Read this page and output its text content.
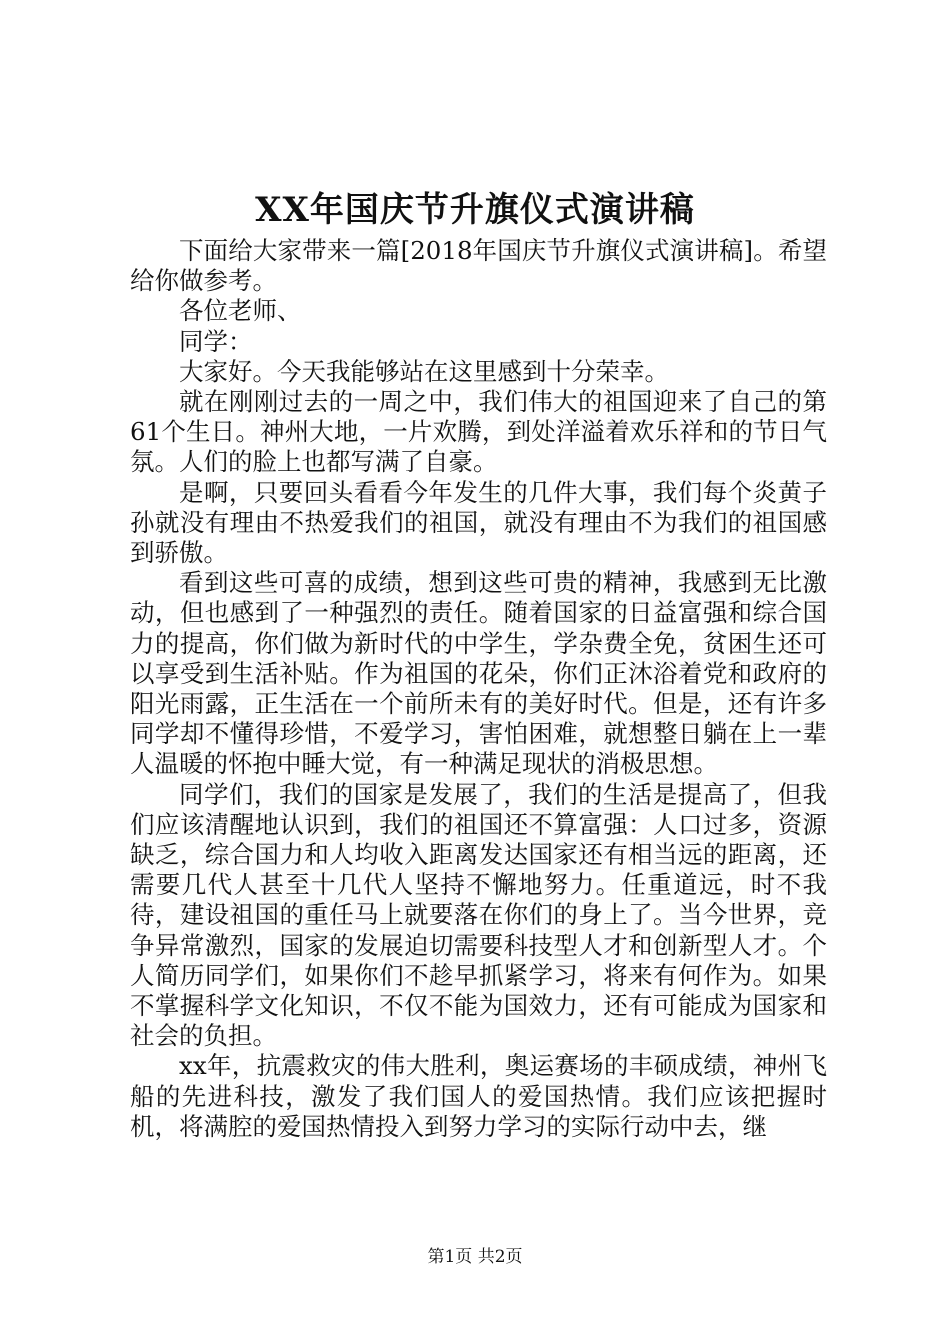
XX年国庆节升旗仪式演讲稿

下面给大家带来一篇[2018年国庆节升旗仪式演讲稿]。希望给你做参考。

各位老师、

同学：

大家好。今天我能够站在这里感到十分荣幸。

就在刚刚过去的一周之中，我们伟大的祖国迎来了自己的第61个生日。神州大地，一片欢腾，到处洋溢着欢乐祥和的节日气氛。人们的脸上也都写满了自豪。

是啊，只要回头看看今年发生的几件大事，我们每个炎黄子孙就没有理由不热爱我们的祖国，就没有理由不为我们的祖国感到骄傲。

看到这些可喜的成绩，想到这些可贵的精神，我感到无比激动，但也感到了一种强烈的责任。随着国家的日益富强和综合国力的提高，你们做为新时代的中学生，学杂费全免，贫困生还可以享受到生活补贴。作为祖国的花朵，你们正沐浴着党和政府的阳光雨露，正生活在一个前所未有的美好时代。但是，还有许多同学却不懂得珍惜，不爱学习，害怕困难，就想整日躺在上一辈人温暖的怀抱中睡大觉，有一种满足现状的消极思想。

同学们，我们的国家是发展了，我们的生活是提高了，但我们应该清醒地认识到，我们的祖国还不算富强：人口过多，资源缺乏，综合国力和人均收入距离发达国家还有相当远的距离，还需要几代人甚至十几代人坚持不懈地努力。任重道远，时不我待，建设祖国的重任马上就要落在你们的身上了。当今世界，竞争异常激烈，国家的发展迫切需要科技型人才和创新型人才。个人简历同学们，如果你们不趁早抓紧学习，将来有何作为。如果不掌握科学文化知识，不仅不能为国效力，还有可能成为国家和社会的负担。

xx年，抗震救灾的伟大胜利，奥运赛场的丰硕成绩，神州飞船的先进科技，激发了我们国人的爱国热情。我们应该把握时机，将满腔的爱国热情投入到努力学习的实际行动中去，继

第1页 共2页
